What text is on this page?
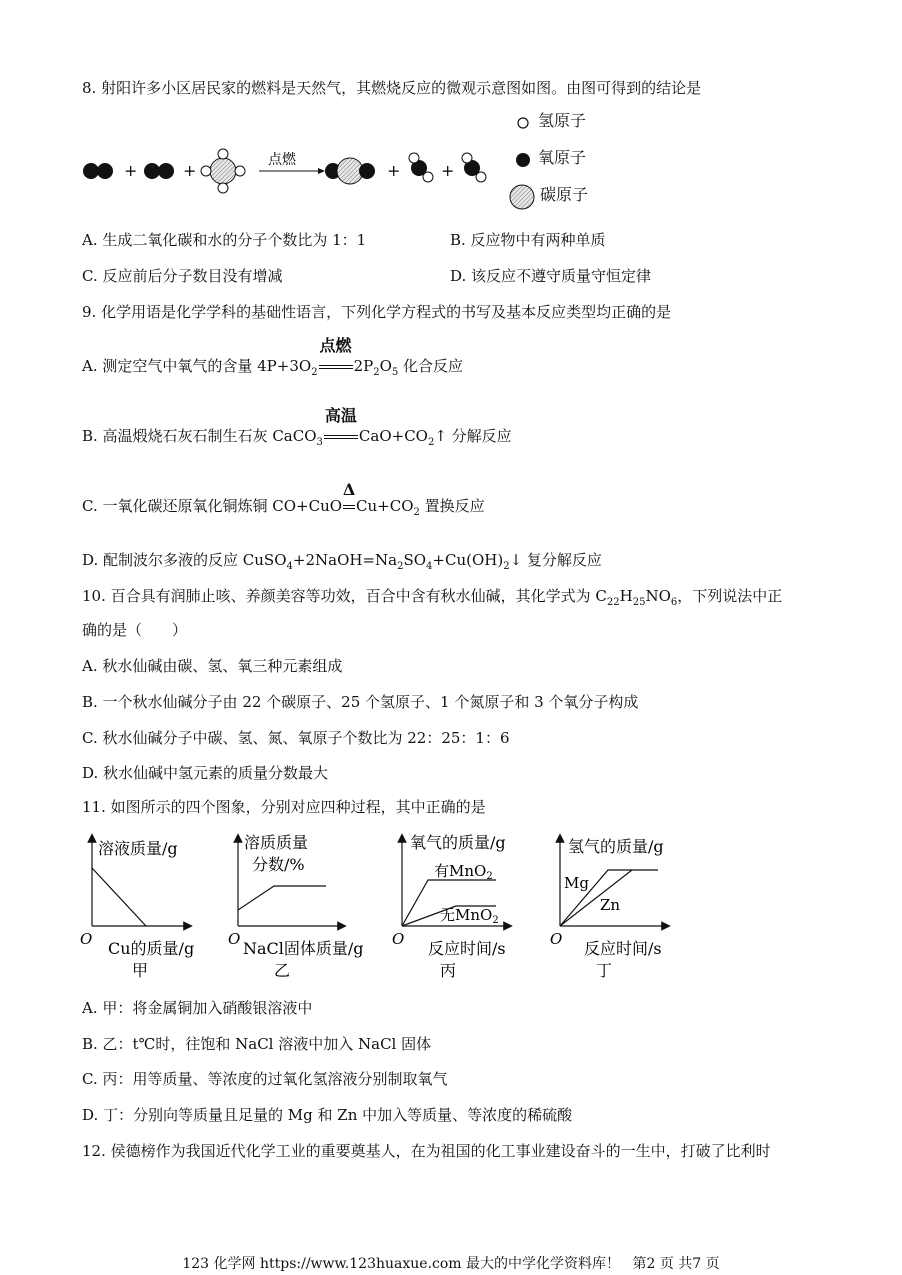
8. 射阳许多小区居民家的燃料是天然气，其燃烧反应的微观示意图如图。由图可得到的结论是
氢原子
氧原子
碳原子
+	+
点燃
+	+
A. 生成二氧化碳和水的分子个数比为 1：1	B. 反应物中有两种单质
C. 反应前后分子数目没有增减	D. 该反应不遵守质量守恒定律
9. 化学用语是化学学科的基础性语言，下列化学方程式的书写及基本反应类型均正确的是
A. 测定空气中氧气的含量 $4P+3O_2$
点燃
$2P_2O_5$ 化合反应
B. 高温煅烧石灰石制生石灰 CaCO$_3$
高温
$CaO+CO_2↑$ 分解反应
C. 一氧化碳还原氧化铜炼铜 CO+CuO
Δ
$Cu+CO_2$ 置换反应
D. 配制波尔多液的反应 $CuSO_4+2NaOH=Na_2SO_4+Cu(OH)_2↓$ 复分解反应
10. 百合具有润肺止咳、养颜美容等功效，百合中含有秋水仙碱，其化学式为 $C_{22}H_{25}NO_6$，下列说法中正
确的是（　　）
A. 秋水仙碱由碳、氢、氧三种元素组成
B. 一个秋水仙碱分子由 22 个碳原子、25 个氢原子、1 个氮原子和 3 个氧分子构成
C. 秋水仙碱分子中碳、氢、氮、氧原子个数比为 22：25：1：6
D. 秋水仙碱中氢元素的质量分数最大
11. 如图所示的四个图象，分别对应四种过程，其中正确的是
溶液质量/g
O Cu的质量/g
甲
溶质质量
分数/%
O NaCl固体质量/g
乙
氧气的质量/g
有MnO$_2$
无MnO$_2$
O 反应时间/s
丙
氢气的质量/g
Mg
Zn
O 反应时间/s
丁
A. 甲：将金属铜加入硝酸银溶液中
B. 乙：t℃时，往饱和 NaCl 溶液中加入 NaCl 固体
C. 丙：用等质量、等浓度的过氧化氢溶液分别制取氧气
D. 丁：分别向等质量且足量的 Mg 和 Zn 中加入等质量、等浓度的稀硫酸
12. 侯德榜作为我国近代化学工业的重要奠基人，在为祖国的化工事业建设奋斗的一生中，打破了比利时
123 化学网 https://www.123huaxue.com 最大的中学化学资料库！ 第2 页 共7 页
